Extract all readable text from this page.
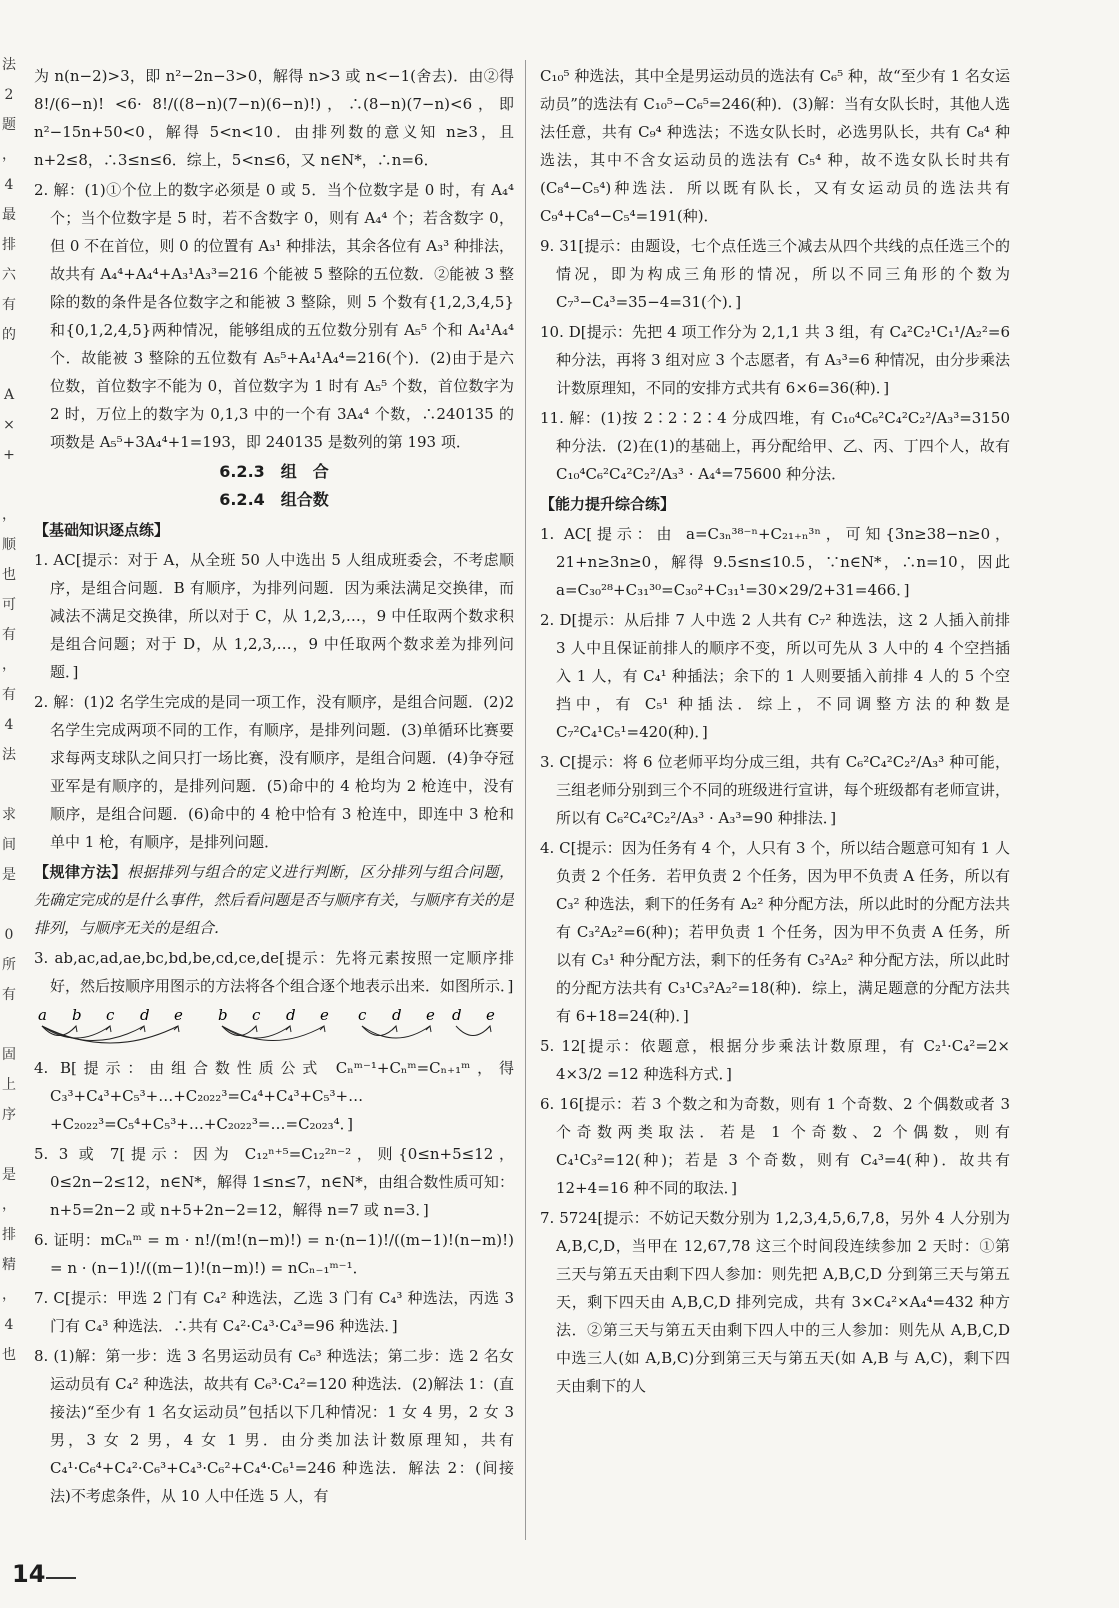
法
2
题
，
4
最
排
六
有
的

A
×
+

，
顺
也
可
有
，
有
4
法

求
间
是

0
所
有

固
上
序

是
，
排
精
，
4
也

为 n(n−2)>3，即 n²−2n−3>0，解得 n>3 或 n<−1(舍去)．由②得 8!/(6−n)! <6· 8!/((8−n)(7−n)(6−n)!)，∴(8−n)(7−n)<6，即 n²−15n+50<0，解得 5<n<10．由排列数的意义知 n≥3，且 n+2≤8，∴3≤n≤6．综上，5<n≤6，又 n∈N*，∴n=6．

2. 解：(1)①个位上的数字必须是 0 或 5．当个位数字是 0 时，有 A₄⁴ 个；当个位数字是 5 时，若不含数字 0，则有 A₄⁴ 个；若含数字 0，但 0 不在首位，则 0 的位置有 A₃¹ 种排法，其余各位有 A₃³ 种排法，故共有 A₄⁴+A₄⁴+A₃¹A₃³=216 个能被 5 整除的五位数．②能被 3 整除的数的条件是各位数字之和能被 3 整除，则 5 个数有{1,2,3,4,5}和{0,1,2,4,5}两种情况，能够组成的五位数分别有 A₅⁵ 个和 A₄¹A₄⁴ 个．故能被 3 整除的五位数有 A₅⁵+A₄¹A₄⁴=216(个)．(2)由于是六位数，首位数字不能为 0，首位数字为 1 时有 A₅⁵ 个数，首位数字为 2 时，万位上的数字为 0,1,3 中的一个有 3A₄⁴ 个数，∴240135 的项数是 A₅⁵+3A₄⁴+1=193，即 240135 是数列的第 193 项．

6.2.3　组　合

6.2.4　组合数

【基础知识逐点练】

1. AC[提示：对于 A，从全班 50 人中选出 5 人组成班委会，不考虑顺序，是组合问题．B 有顺序，为排列问题．因为乘法满足交换律，而减法不满足交换律，所以对于 C，从 1,2,3,…，9 中任取两个数求积是组合问题；对于 D，从 1,2,3,…，9 中任取两个数求差为排列问题．]

2. 解：(1)2 名学生完成的是同一项工作，没有顺序，是组合问题．(2)2 名学生完成两项不同的工作，有顺序，是排列问题．(3)单循环比赛要求每两支球队之间只打一场比赛，没有顺序，是组合问题．(4)争夺冠亚军是有顺序的，是排列问题．(5)命中的 4 枪均为 2 枪连中，没有顺序，是组合问题．(6)命中的 4 枪中恰有 3 枪连中，即连中 3 枪和单中 1 枪，有顺序，是排列问题．

【规律方法】根据排列与组合的定义进行判断，区分排列与组合问题，先确定完成的是什么事件，然后看问题是否与顺序有关，与顺序有关的是排列，与顺序无关的是组合．

3. ab,ac,ad,ae,bc,bd,be,cd,ce,de[提示：先将元素按照一定顺序排好，然后按顺序用图示的方法将各个组合逐个地表示出来．如图所示．]

a b c d e b c d e c d e d e

4. B[提示：由组合数性质公式 Cₙᵐ⁻¹+Cₙᵐ=Cₙ₊₁ᵐ，得 C₃³+C₄³+C₅³+…+C₂₀₂₂³=C₄⁴+C₄³+C₅³+…+C₂₀₂₂³=C₅⁴+C₅³+…+C₂₀₂₂³=…=C₂₀₂₃⁴．]

5. 3 或 7[提示：因为 C₁₂ⁿ⁺⁵=C₁₂²ⁿ⁻²，则{0≤n+5≤12，0≤2n−2≤12，n∈N*，解得 1≤n≤7，n∈N*，由组合数性质可知：n+5=2n−2 或 n+5+2n−2=12，解得 n=7 或 n=3．]

6. 证明：mCₙᵐ = m · n!/(m!(n−m)!) = n·(n−1)!/((m−1)!(n−m)!) = n · (n−1)!/((m−1)!(n−m)!) = nCₙ₋₁ᵐ⁻¹．

7. C[提示：甲选 2 门有 C₄² 种选法，乙选 3 门有 C₄³ 种选法，丙选 3 门有 C₄³ 种选法．∴共有 C₄²·C₄³·C₄³=96 种选法．]

8. (1)解：第一步：选 3 名男运动员有 C₆³ 种选法；第二步：选 2 名女运动员有 C₄² 种选法，故共有 C₆³·C₄²=120 种选法．(2)解法 1：(直接法)“至少有 1 名女运动员”包括以下几种情况：1 女 4 男，2 女 3 男，3 女 2 男，4 女 1 男．由分类加法计数原理知，共有 C₄¹·C₆⁴+C₄²·C₆³+C₄³·C₆²+C₄⁴·C₆¹=246 种选法．解法 2：(间接法)不考虑条件，从 10 人中任选 5 人，有

C₁₀⁵ 种选法，其中全是男运动员的选法有 C₆⁵ 种，故“至少有 1 名女运动员”的选法有 C₁₀⁵−C₆⁵=246(种)．(3)解：当有女队长时，其他人选法任意，共有 C₉⁴ 种选法；不选女队长时，必选男队长，共有 C₈⁴ 种选法，其中不含女运动员的选法有 C₅⁴ 种，故不选女队长时共有(C₈⁴−C₅⁴)种选法．所以既有队长，又有女运动员的选法共有 C₉⁴+C₈⁴−C₅⁴=191(种)．

9. 31[提示：由题设，七个点任选三个减去从四个共线的点任选三个的情况，即为构成三角形的情况，所以不同三角形的个数为 C₇³−C₄³=35−4=31(个)．]

10. D[提示：先把 4 项工作分为 2,1,1 共 3 组，有 C₄²C₂¹C₁¹/A₂²=6 种分法，再将 3 组对应 3 个志愿者，有 A₃³=6 种情况，由分步乘法计数原理知，不同的安排方式共有 6×6=36(种)．]

11. 解：(1)按 2∶2∶2∶4 分成四堆，有 C₁₀⁴C₆²C₄²C₂²/A₃³=3150 种分法．(2)在(1)的基础上，再分配给甲、乙、丙、丁四个人，故有 C₁₀⁴C₆²C₄²C₂²/A₃³ · A₄⁴=75600 种分法．

【能力提升综合练】

1. AC[提示：由 a=C₃ₙ³⁸⁻ⁿ+C₂₁₊ₙ³ⁿ，可知{3n≥38−n≥0，21+n≥3n≥0，解得 9.5≤n≤10.5，∵n∈N*，∴n=10，因此 a=C₃₀²⁸+C₃₁³⁰=C₃₀²+C₃₁¹=30×29/2+31=466．]

2. D[提示：从后排 7 人中选 2 人共有 C₇² 种选法，这 2 人插入前排 3 人中且保证前排人的顺序不变，所以可先从 3 人中的 4 个空挡插入 1 人，有 C₄¹ 种插法；余下的 1 人则要插入前排 4 人的 5 个空挡中，有 C₅¹ 种插法．综上，不同调整方法的种数是 C₇²C₄¹C₅¹=420(种)．]

3. C[提示：将 6 位老师平均分成三组，共有 C₆²C₄²C₂²/A₃³ 种可能，三组老师分别到三个不同的班级进行宣讲，每个班级都有老师宣讲，所以有 C₆²C₄²C₂²/A₃³ · A₃³=90 种排法．]

4. C[提示：因为任务有 4 个，人只有 3 个，所以结合题意可知有 1 人负责 2 个任务．若甲负责 2 个任务，因为甲不负责 A 任务，所以有 C₃² 种选法，剩下的任务有 A₂² 种分配方法，所以此时的分配方法共有 C₃²A₂²=6(种)；若甲负责 1 个任务，因为甲不负责 A 任务，所以有 C₃¹ 种分配方法，剩下的任务有 C₃²A₂² 种分配方法，所以此时的分配方法共有 C₃¹C₃²A₂²=18(种)．综上，满足题意的分配方法共有 6+18=24(种)．]

5. 12[提示：依题意，根据分步乘法计数原理，有 C₂¹·C₄²=2× 4×3/2 =12 种选科方式．]

6. 16[提示：若 3 个数之和为奇数，则有 1 个奇数、2 个偶数或者 3 个奇数两类取法．若是 1 个奇数、2 个偶数，则有 C₄¹C₃²=12(种)；若是 3 个奇数，则有 C₄³=4(种)．故共有 12+4=16 种不同的取法．]

7. 5724[提示：不妨记天数分别为 1,2,3,4,5,6,7,8，另外 4 人分别为 A,B,C,D，当甲在 12,67,78 这三个时间段连续参加 2 天时：①第三天与第五天由剩下四人参加：则先把 A,B,C,D 分到第三天与第五天，剩下四天由 A,B,C,D 排列完成，共有 3×C₄²×A₄⁴=432 种方法．②第三天与第五天由剩下四人中的三人参加：则先从 A,B,C,D 中选三人(如 A,B,C)分到第三天与第五天(如 A,B 与 A,C)，剩下四天由剩下的人

14
